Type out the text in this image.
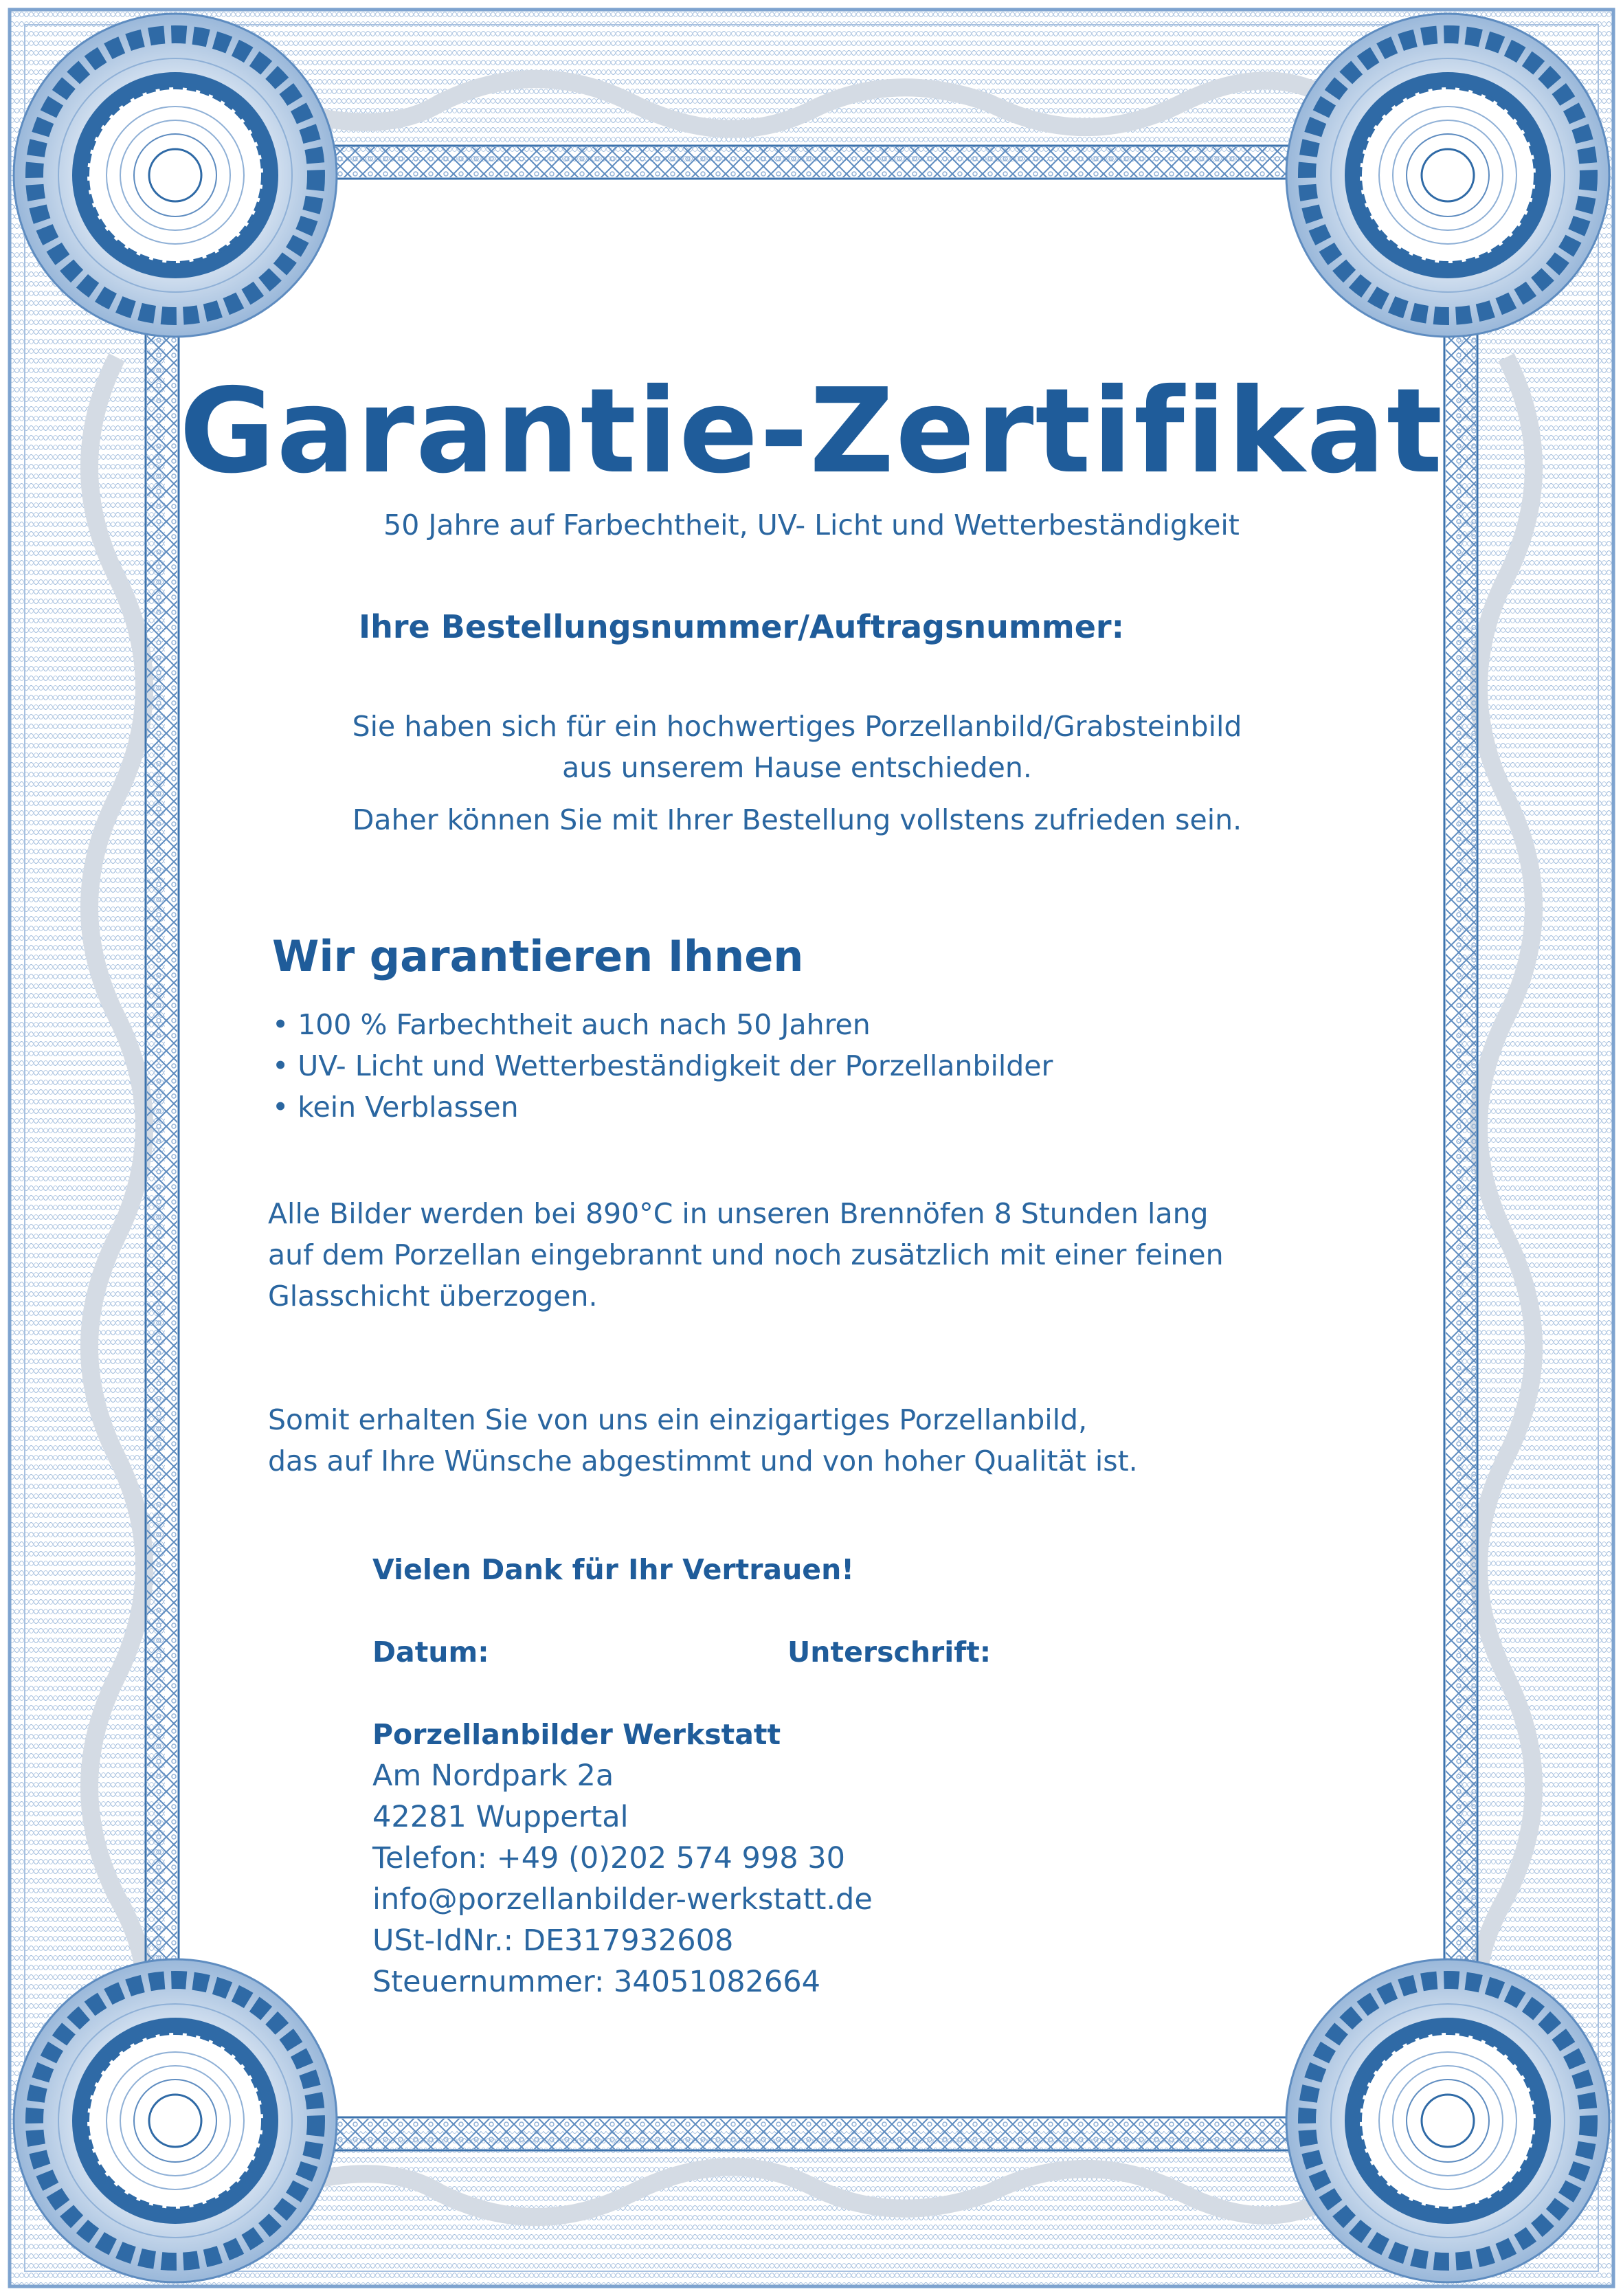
Garantie-Zertifikat
50 Jahre auf Farbechtheit, UV- Licht und Wetterbeständigkeit
Ihre Bestellungsnummer/Auftragsnummer:
Sie haben sich für ein hochwertiges Porzellanbild/Grabsteinbild
aus unserem Hause entschieden.
Daher können Sie mit Ihrer Bestellung vollstens zufrieden sein.
Wir garantieren Ihnen
• 100 % Farbechtheit auch nach 50 Jahren
• UV- Licht und Wetterbeständigkeit der Porzellanbilder
• kein Verblassen
Alle Bilder werden bei 890°C in unseren Brennöfen 8 Stunden lang
auf dem Porzellan eingebrannt und noch zusätzlich mit einer feinen
Glasschicht überzogen.
Somit erhalten Sie von uns ein einzigartiges Porzellanbild,
das auf Ihre Wünsche abgestimmt und von hoher Qualität ist.
Vielen Dank für Ihr Vertrauen!
Datum:	Unterschrift:
Porzellanbilder Werkstatt
Am Nordpark 2a
42281 Wuppertal
Telefon: +49 (0)202 574 998 30
info@porzellanbilder-werkstatt.de
USt-IdNr.: DE317932608
Steuernummer: 34051082664
